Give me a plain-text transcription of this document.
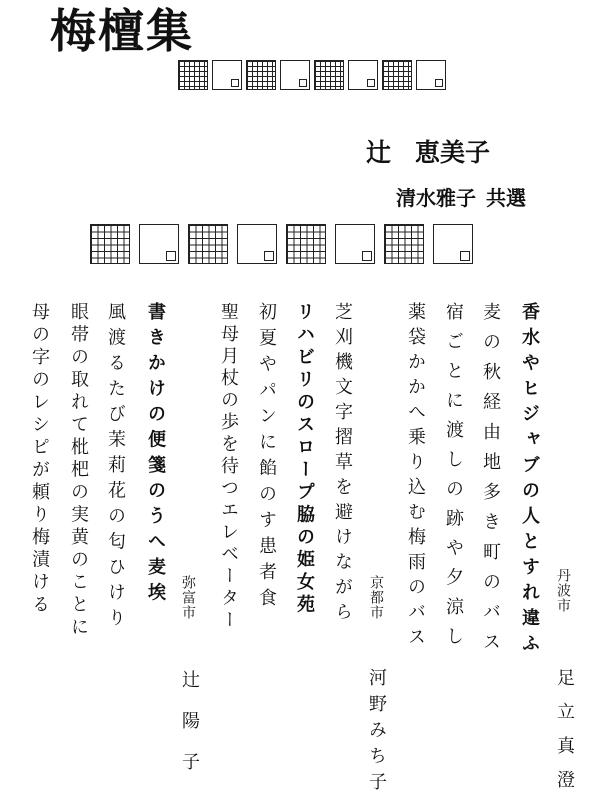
梅檀集
辻 恵美子
清水雅子 共選
香水やヒジャブの人とすれ違ふ
麦の秋経由地多き町のバス
宿ごとに渡しの跡や夕涼し
薬袋かかへ乗り込む梅雨のバス
芝刈機文字摺草を避けながら
リハビリのスロープ脇の姫女苑
初夏やパンに餡のす患者食
聖母月杖の歩を待つエレベーター
書きかけの便箋のうへ麦埃
風渡るたび茉莉花の匂ひけり
眼帯の取れて枇杷の実黄のことに
母の字のレシピが頼り梅漬ける	丹波市
足立真澄
京都市
河野みち子
弥富市
辻陽子
